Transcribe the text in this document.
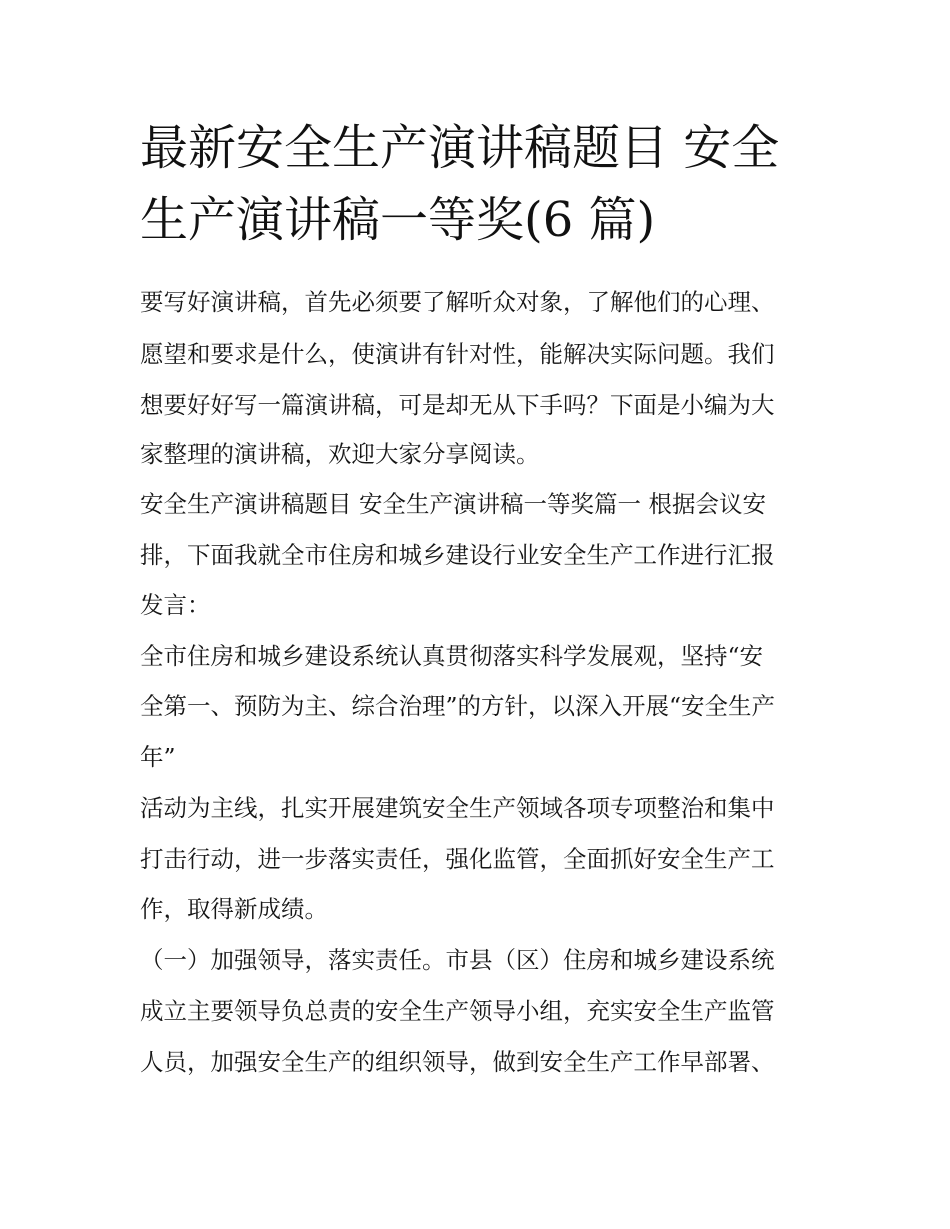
最新安全生产演讲稿题目 安全
生产演讲稿一等奖(6 篇)
要写好演讲稿，首先必须要了解听众对象，了解他们的心理、
愿望和要求是什么，使演讲有针对性，能解决实际问题。我们
想要好好写一篇演讲稿，可是却无从下手吗？下面是小编为大
家整理的演讲稿，欢迎大家分享阅读。
安全生产演讲稿题目 安全生产演讲稿一等奖篇一 根据会议安
排，下面我就全市住房和城乡建设行业安全生产工作进行汇报
发言：
全市住房和城乡建设系统认真贯彻落实科学发展观，坚持“安
全第一、预防为主、综合治理”的方针，以深入开展“安全生产
年”
活动为主线，扎实开展建筑安全生产领域各项专项整治和集中
打击行动，进一步落实责任，强化监管，全面抓好安全生产工
作，取得新成绩。
（一）加强领导，落实责任。市县（区）住房和城乡建设系统
成立主要领导负总责的安全生产领导小组，充实安全生产监管
人员，加强安全生产的组织领导，做到安全生产工作早部署、
